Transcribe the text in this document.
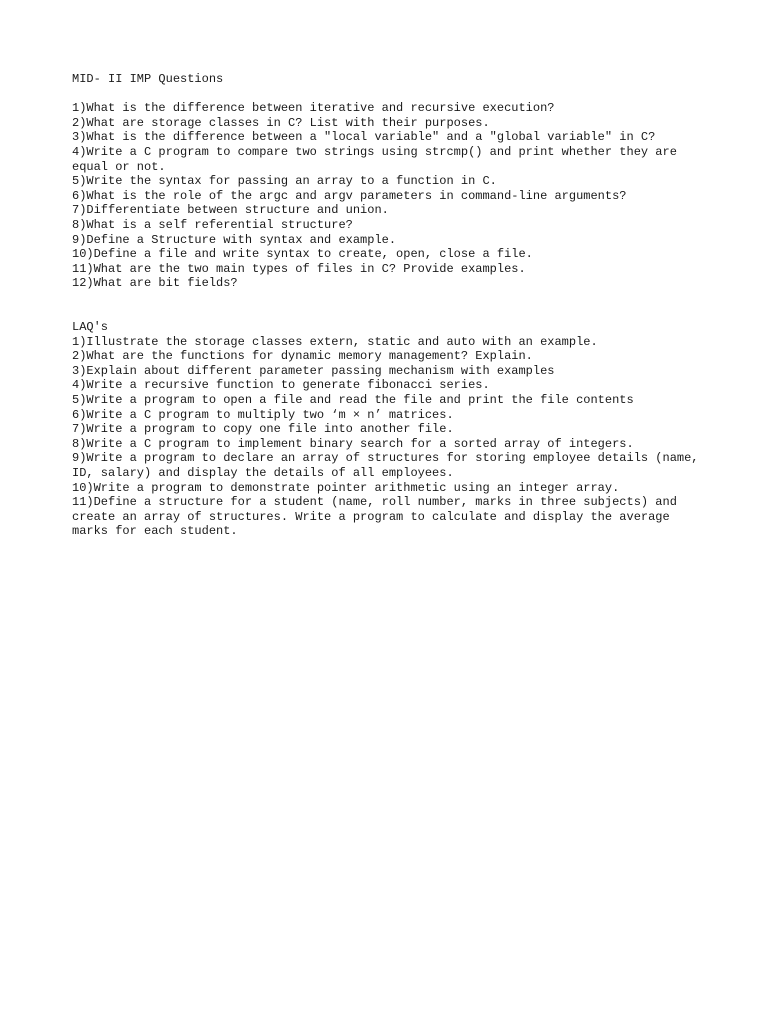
MID- II IMP Questions

1)What is the difference between iterative and recursive execution?

2)What are storage classes in C? List with their purposes.

3)What is the difference between a "local variable" and a "global variable" in C?

4)Write a C program to compare two strings using strcmp() and print whether they are equal or not.

5)Write the syntax for passing an array to a function in C.

6)What is the role of the argc and argv parameters in command-line arguments?

7)Differentiate between structure and union.

8)What is a self referential structure?

9)Define a Structure with syntax and example.

10)Define a file and write syntax to create, open, close a file.

11)What are the two main types of files in C? Provide examples.

12)What are bit fields?

LAQ's

1)Illustrate the storage classes extern, static and auto with an example.

2)What are the functions for dynamic memory management? Explain.

3)Explain about different parameter passing mechanism with examples

4)Write a recursive function to generate fibonacci series.

5)Write a program to open a file and read the file and print the file contents

6)Write a C program to multiply two ‘m × n’ matrices.

7)Write a program to copy one file into another file.

8)Write a C program to implement binary search for a sorted array of integers.

9)Write a program to declare an array of structures for storing employee details (name, ID, salary) and display the details of all employees.

10)Write a program to demonstrate pointer arithmetic using an integer array.

11)Define a structure for a student (name, roll number, marks in three subjects) and create an array of structures. Write a program to calculate and display the average marks for each student.
